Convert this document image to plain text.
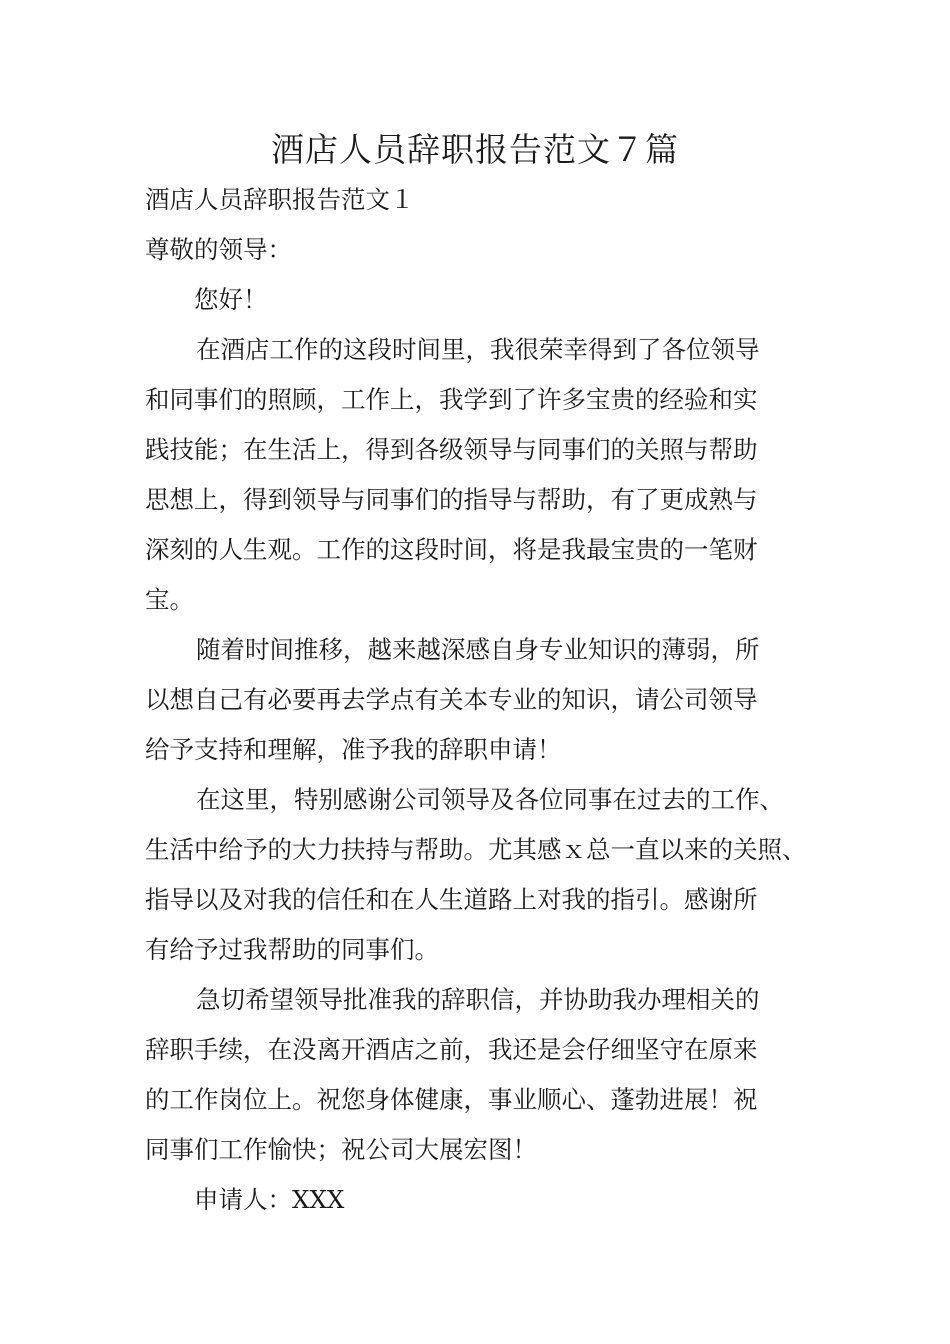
酒店人员辞职报告范文７篇

酒店人员辞职报告范文１

尊敬的领导：

您好！

在酒店工作的这段时间里，我很荣幸得到了各位领导

和同事们的照顾，工作上，我学到了许多宝贵的经验和实

践技能；在生活上，得到各级领导与同事们的关照与帮助

思想上，得到领导与同事们的指导与帮助，有了更成熟与

深刻的人生观。工作的这段时间，将是我最宝贵的一笔财

宝。

随着时间推移，越来越深感自身专业知识的薄弱，所

以想自己有必要再去学点有关本专业的知识，请公司领导

给予支持和理解，准予我的辞职申请！

在这里，特别感谢公司领导及各位同事在过去的工作、

生活中给予的大力扶持与帮助。尤其感ｘ总一直以来的关照、

指导以及对我的信任和在人生道路上对我的指引。感谢所

有给予过我帮助的同事们。

急切希望领导批准我的辞职信，并协助我办理相关的

辞职手续，在没离开酒店之前，我还是会仔细坚守在原来

的工作岗位上。祝您身体健康，事业顺心、蓬勃进展！祝

同事们工作愉快；祝公司大展宏图！

申请人：XXX
